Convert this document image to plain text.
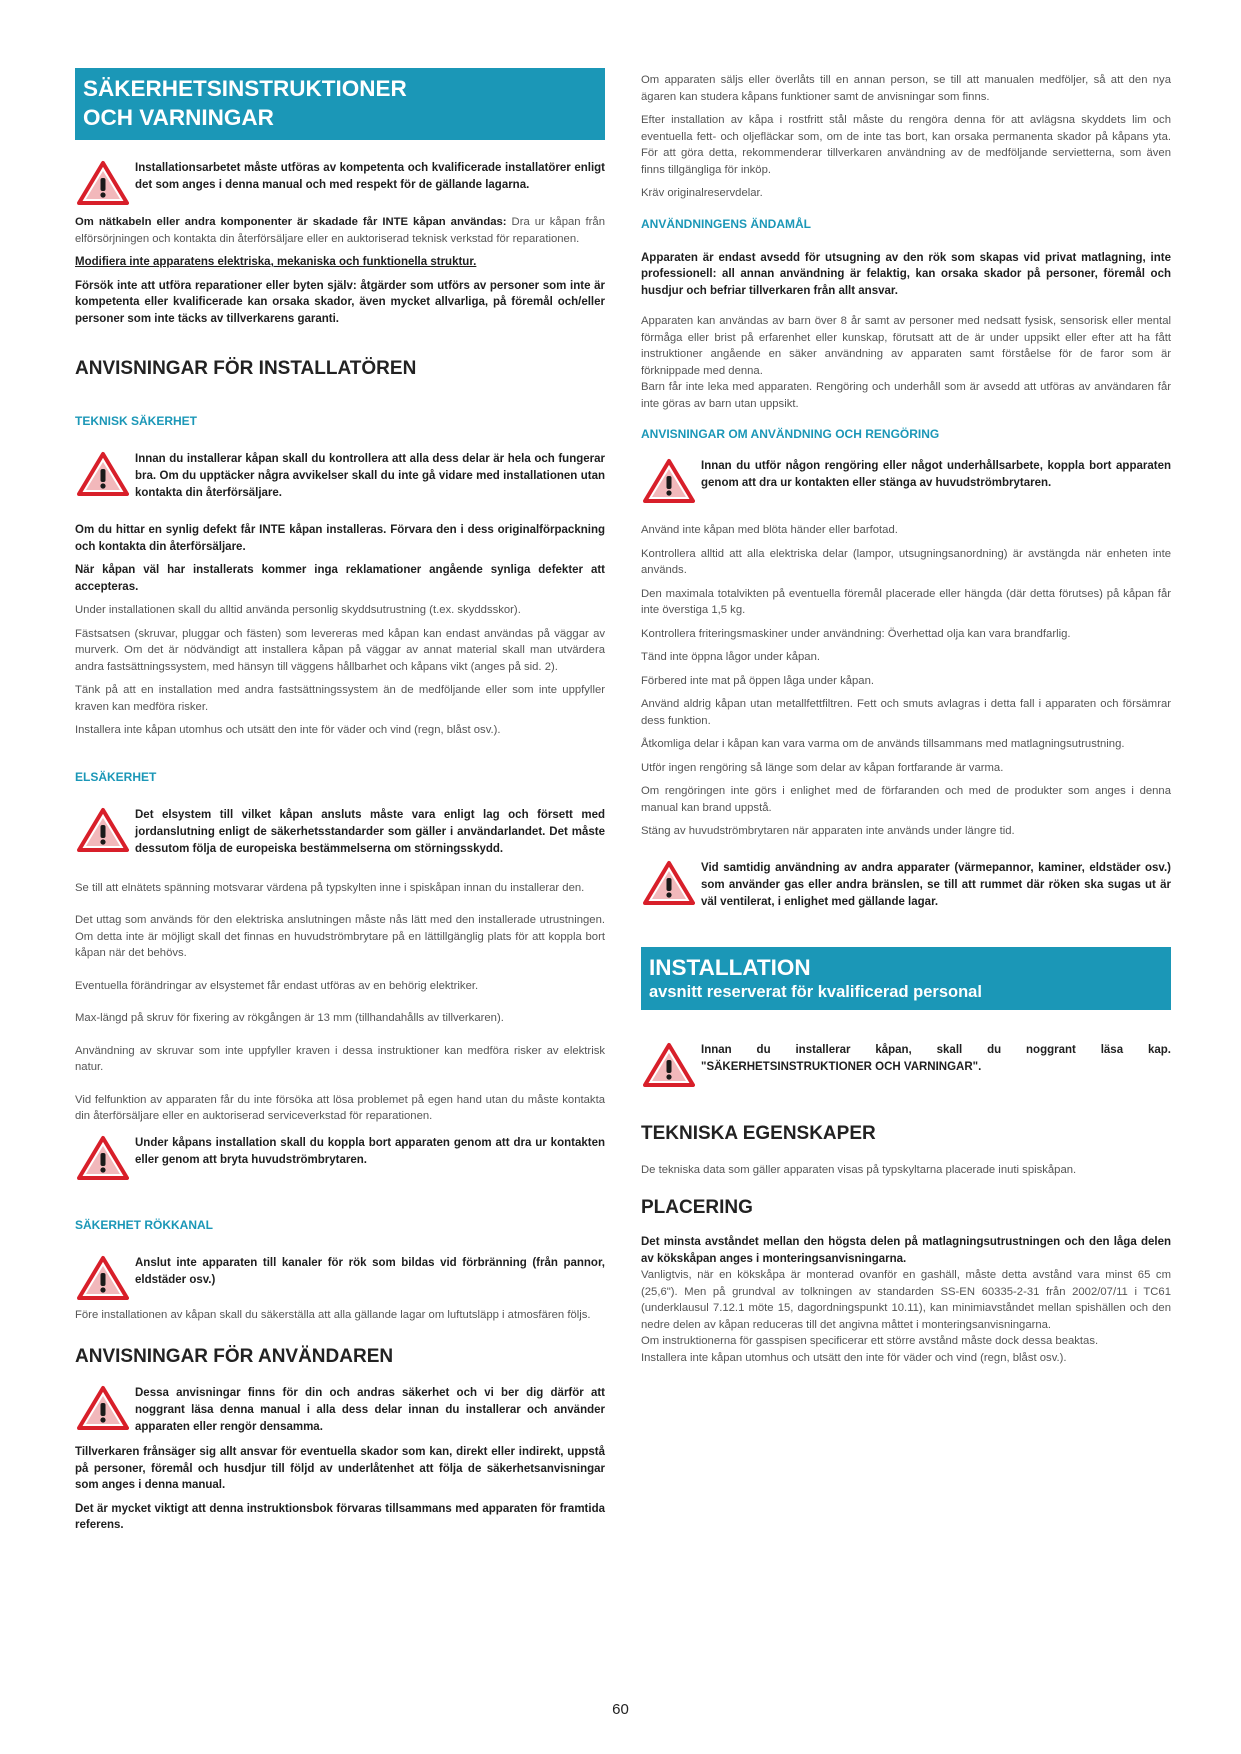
SÄKERHETSINSTRUKTIONER
OCH VARNINGAR

Installationsarbetet måste utföras av kompetenta och kvalificerade installatörer enligt det som anges i denna manual och med respekt för de gällande lagarna.

Om nätkabeln eller andra komponenter är skadade får INTE kåpan användas: Dra ur kåpan från elförsörjningen och kontakta din återförsäljare eller en auktoriserad teknisk verkstad för reparationen.

Modifiera inte apparatens elektriska, mekaniska och funktionella struktur.

Försök inte att utföra reparationer eller byten själv: åtgärder som utförs av personer som inte är kompetenta eller kvalificerade kan orsaka skador, även mycket allvarliga, på föremål och/eller personer som inte täcks av tillverkarens garanti.

ANVISNINGAR FÖR INSTALLATÖREN
TEKNISK SÄKERHET

Innan du installerar kåpan skall du kontrollera att alla dess delar är hela och fungerar bra. Om du upptäcker några avvikelser skall du inte gå vidare med installationen utan kontakta din återförsäljare.

Om du hittar en synlig defekt får INTE kåpan installeras. Förvara den i dess originalförpackning och kontakta din återförsäljare.

När kåpan väl har installerats kommer inga reklamationer angående synliga defekter att accepteras.

Under installationen skall du alltid använda personlig skyddsutrustning (t.ex. skyddsskor).

Fästsatsen (skruvar, pluggar och fästen) som levereras med kåpan kan endast användas på väggar av murverk. Om det är nödvändigt att installera kåpan på väggar av annat material skall man utvärdera andra fastsättningssystem, med hänsyn till väggens hållbarhet och kåpans vikt (anges på sid. 2).

Tänk på att en installation med andra fastsättningssystem än de medföljande eller som inte uppfyller kraven kan medföra risker.

Installera inte kåpan utomhus och utsätt den inte för väder och vind (regn, blåst osv.).

ELSÄKERHET

Det elsystem till vilket kåpan ansluts måste vara enligt lag och försett med jordanslutning enligt de säkerhetsstandarder som gäller i användarlandet. Det måste dessutom följa de europeiska bestämmelserna om störningsskydd.

Se till att elnätets spänning motsvarar värdena på typskylten inne i spiskåpan innan du installerar den.

Det uttag som används för den elektriska anslutningen måste nås lätt med den installerade utrustningen. Om detta inte är möjligt skall det finnas en huvudströmbrytare på en lättillgänglig plats för att koppla bort kåpan när det behövs.

Eventuella förändringar av elsystemet får endast utföras av en behörig elektriker.

Max-längd på skruv för fixering av rökgången är 13 mm (tillhandahålls av tillverkaren).

Användning av skruvar som inte uppfyller kraven i dessa instruktioner kan medföra risker av elektrisk natur.

Vid felfunktion av apparaten får du inte försöka att lösa problemet på egen hand utan du måste kontakta din återförsäljare eller en auktoriserad serviceverkstad för reparationen.

Under kåpans installation skall du koppla bort apparaten genom att dra ur kontakten eller genom att bryta huvudströmbrytaren.

SÄKERHET RÖKKANAL

Anslut inte apparaten till kanaler för rök som bildas vid förbränning (från pannor, eldstäder osv.)

Före installationen av kåpan skall du säkerställa att alla gällande lagar om luftutsläpp i atmosfären följs.

ANVISNINGAR FÖR ANVÄNDAREN

Dessa anvisningar finns för din och andras säkerhet och vi ber dig därför att noggrant läsa denna manual i alla dess delar innan du installerar och använder apparaten eller rengör densamma.

Tillverkaren frånsäger sig allt ansvar för eventuella skador som kan, direkt eller indirekt, uppstå på personer, föremål och husdjur till följd av underlåtenhet att följa de säkerhetsanvisningar som anges i denna manual.

Det är mycket viktigt att denna instruktionsbok förvaras tillsammans med apparaten för framtida referens.

Om apparaten säljs eller överlåts till en annan person, se till att manualen medföljer, så att den nya ägaren kan studera kåpans funktioner samt de anvisningar som finns.

Efter installation av kåpa i rostfritt stål måste du rengöra denna för att avlägsna skyddets lim och eventuella fett- och oljefläckar som, om de inte tas bort, kan orsaka permanenta skador på kåpans yta. För att göra detta, rekommenderar tillverkaren användning av de medföljande servietterna, som även finns tillgängliga för inköp.

Kräv originalreservdelar.

ANVÄNDNINGENS ÄNDAMÅL

Apparaten är endast avsedd för utsugning av den rök som skapas vid privat matlagning, inte professionell: all annan användning är felaktig, kan orsaka skador på personer, föremål och husdjur och befriar tillverkaren från allt ansvar.

Apparaten kan användas av barn över 8 år samt av personer med nedsatt fysisk, sensorisk eller mental förmåga eller brist på erfarenhet eller kunskap, förutsatt att de är under uppsikt eller efter att ha fått instruktioner angående en säker användning av apparaten samt förståelse för de faror som är förknippade med denna.

Barn får inte leka med apparaten. Rengöring och underhåll som är avsedd att utföras av användaren får inte göras av barn utan uppsikt.

ANVISNINGAR OM ANVÄNDNING OCH RENGÖRING

Innan du utför någon rengöring eller något underhållsarbete, koppla bort apparaten genom att dra ur kontakten eller stänga av huvudströmbrytaren.

Använd inte kåpan med blöta händer eller barfotad.

Kontrollera alltid att alla elektriska delar (lampor, utsugningsanordning) är avstängda när enheten inte används.

Den maximala totalvikten på eventuella föremål placerade eller hängda (där detta förutses) på kåpan får inte överstiga 1,5 kg.

Kontrollera friteringsmaskiner under användning: Överhettad olja kan vara brandfarlig.

Tänd inte öppna lågor under kåpan.

Förbered inte mat på öppen låga under kåpan.

Använd aldrig kåpan utan metallfettfiltren. Fett och smuts avlagras i detta fall i apparaten och försämrar dess funktion.

Åtkomliga delar i kåpan kan vara varma om de används tillsammans med matlagningsutrustning.

Utför ingen rengöring så länge som delar av kåpan fortfarande är varma.

Om rengöringen inte görs i enlighet med de förfaranden och med de produkter som anges i denna manual kan brand uppstå.

Stäng av huvudströmbrytaren när apparaten inte används under längre tid.

Vid samtidig användning av andra apparater (värmepannor, kaminer, eldstäder osv.) som använder gas eller andra bränslen, se till att rummet där röken ska sugas ut är väl ventilerat, i enlighet med gällande lagar.

INSTALLATION
avsnitt reserverat för kvalificerad personal

Innan du installerar kåpan, skall du noggrant läsa kap. "SÄKERHETSINSTRUKTIONER OCH VARNINGAR".

TEKNISKA EGENSKAPER

De tekniska data som gäller apparaten visas på typskyltarna placerade inuti spiskåpan.

PLACERING

Det minsta avståndet mellan den högsta delen på matlagningsutrustningen och den låga delen av kökskåpan anges i monteringsanvisningarna.

Vanligtvis, när en kökskåpa är monterad ovanför en gashäll, måste detta avstånd vara minst 65 cm (25,6"). Men på grundval av tolkningen av standarden SS-EN 60335-2-31 från 2002/07/11 i TC61 (underklausul 7.12.1 möte 15, dagordningspunkt 10.11), kan minimiavståndet mellan spishällen och den nedre delen av kåpan reduceras till det angivna måttet i monteringsanvisningarna.

Om instruktionerna för gasspisen specificerar ett större avstånd måste dock dessa beaktas.

Installera inte kåpan utomhus och utsätt den inte för väder och vind (regn, blåst osv.).

60
